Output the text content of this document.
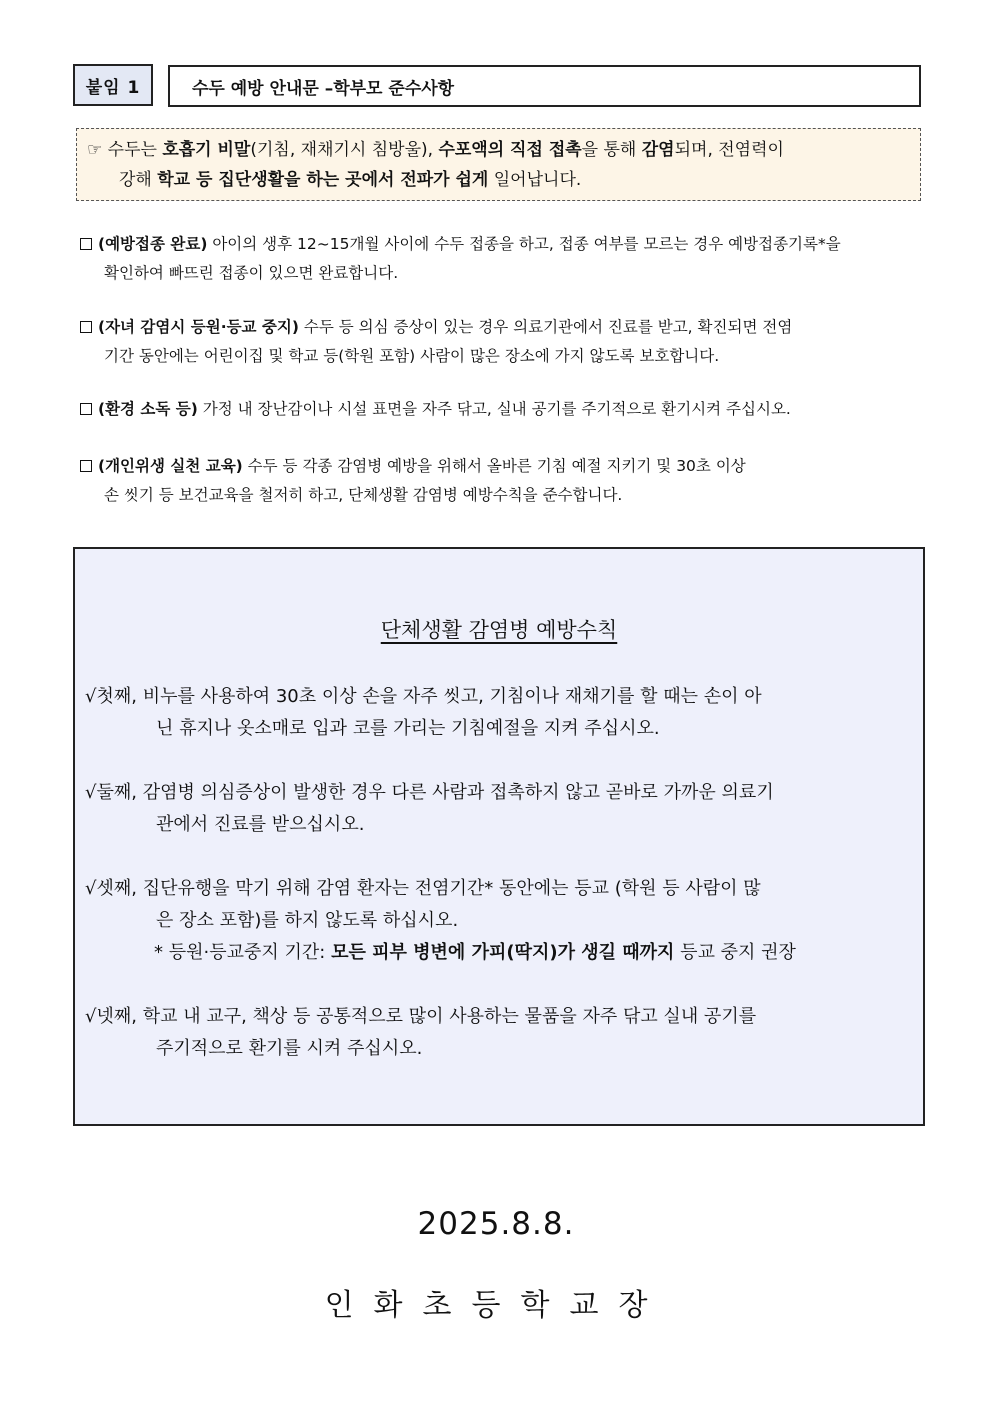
붙임 1	수두 예방 안내문 –학부모 준수사항
☞ 수두는 호흡기 비말(기침, 재채기시 침방울), 수포액의 직접 접촉을 통해 감염되며, 전염력이
강해 학교 등 집단생활을 하는 곳에서 전파가 쉽게 일어납니다.
(예방접종 완료) 아이의 생후 12~15개월 사이에 수두 접종을 하고, 접종 여부를 모르는 경우 예방접종기록*을
확인하여 빠뜨린 접종이 있으면 완료합니다.
(자녀 감염시 등원·등교 중지) 수두 등 의심 증상이 있는 경우 의료기관에서 진료를 받고, 확진되면 전염
기간 동안에는 어린이집 및 학교 등(학원 포함) 사람이 많은 장소에 가지 않도록 보호합니다.
(환경 소독 등) 가정 내 장난감이나 시설 표면을 자주 닦고, 실내 공기를 주기적으로 환기시켜 주십시오.
(개인위생 실천 교육) 수두 등 각종 감염병 예방을 위해서 올바른 기침 예절 지키기 및 30초 이상
손 씻기 등 보건교육을 철저히 하고, 단체생활 감염병 예방수칙을 준수합니다.
단체생활 감염병 예방수칙
√첫째, 비누를 사용하여 30초 이상 손을 자주 씻고, 기침이나 재채기를 할 때는 손이 아
닌 휴지나 옷소매로 입과 코를 가리는 기침예절을 지켜 주십시오.
√둘째, 감염병 의심증상이 발생한 경우 다른 사람과 접촉하지 않고 곧바로 가까운 의료기
관에서 진료를 받으십시오.
√셋째, 집단유행을 막기 위해 감염 환자는 전염기간* 동안에는 등교 (학원 등 사람이 많
은 장소 포함)를 하지 않도록 하십시오.
* 등원·등교중지 기간: 모든 피부 병변에 가피(딱지)가 생길 때까지 등교 중지 권장
√넷째, 학교 내 교구, 책상 등 공통적으로 많이 사용하는 물품을 자주 닦고 실내 공기를
주기적으로 환기를 시켜 주십시오.
2025.8.8.
인화초등학교장
